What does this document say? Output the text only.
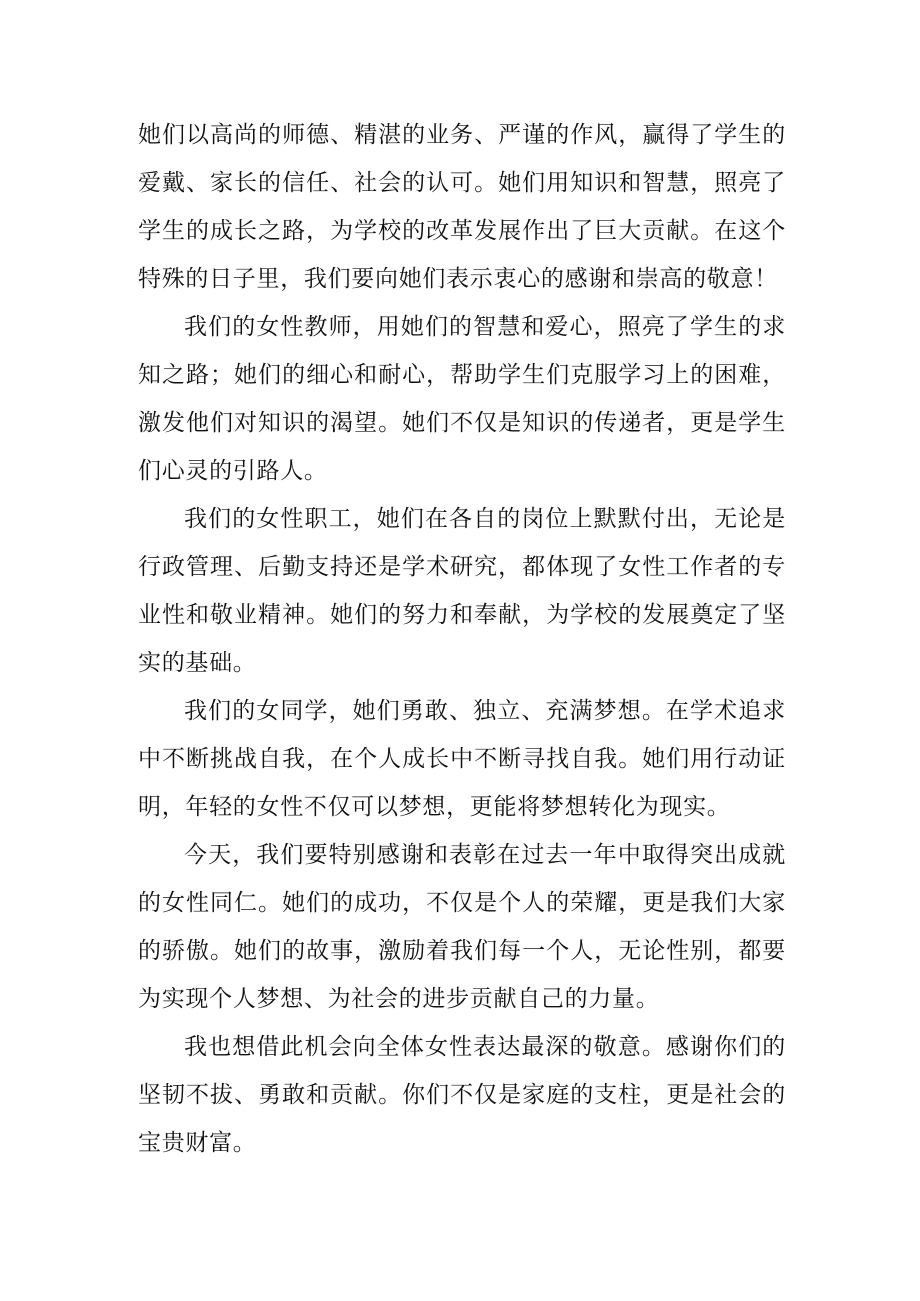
她们以高尚的师德、精湛的业务、严谨的作风，赢得了学生的爱戴、家长的信任、社会的认可。她们用知识和智慧，照亮了学生的成长之路，为学校的改革发展作出了巨大贡献。在这个特殊的日子里，我们要向她们表示衷心的感谢和崇高的敬意！

我们的女性教师，用她们的智慧和爱心，照亮了学生的求知之路；她们的细心和耐心，帮助学生们克服学习上的困难，激发他们对知识的渴望。她们不仅是知识的传递者，更是学生们心灵的引路人。

我们的女性职工，她们在各自的岗位上默默付出，无论是行政管理、后勤支持还是学术研究，都体现了女性工作者的专业性和敬业精神。她们的努力和奉献，为学校的发展奠定了坚实的基础。

我们的女同学，她们勇敢、独立、充满梦想。在学术追求中不断挑战自我，在个人成长中不断寻找自我。她们用行动证明，年轻的女性不仅可以梦想，更能将梦想转化为现实。

今天，我们要特别感谢和表彰在过去一年中取得突出成就的女性同仁。她们的成功，不仅是个人的荣耀，更是我们大家的骄傲。她们的故事，激励着我们每一个人，无论性别，都要为实现个人梦想、为社会的进步贡献自己的力量。

我也想借此机会向全体女性表达最深的敬意。感谢你们的坚韧不拔、勇敢和贡献。你们不仅是家庭的支柱，更是社会的宝贵财富。
